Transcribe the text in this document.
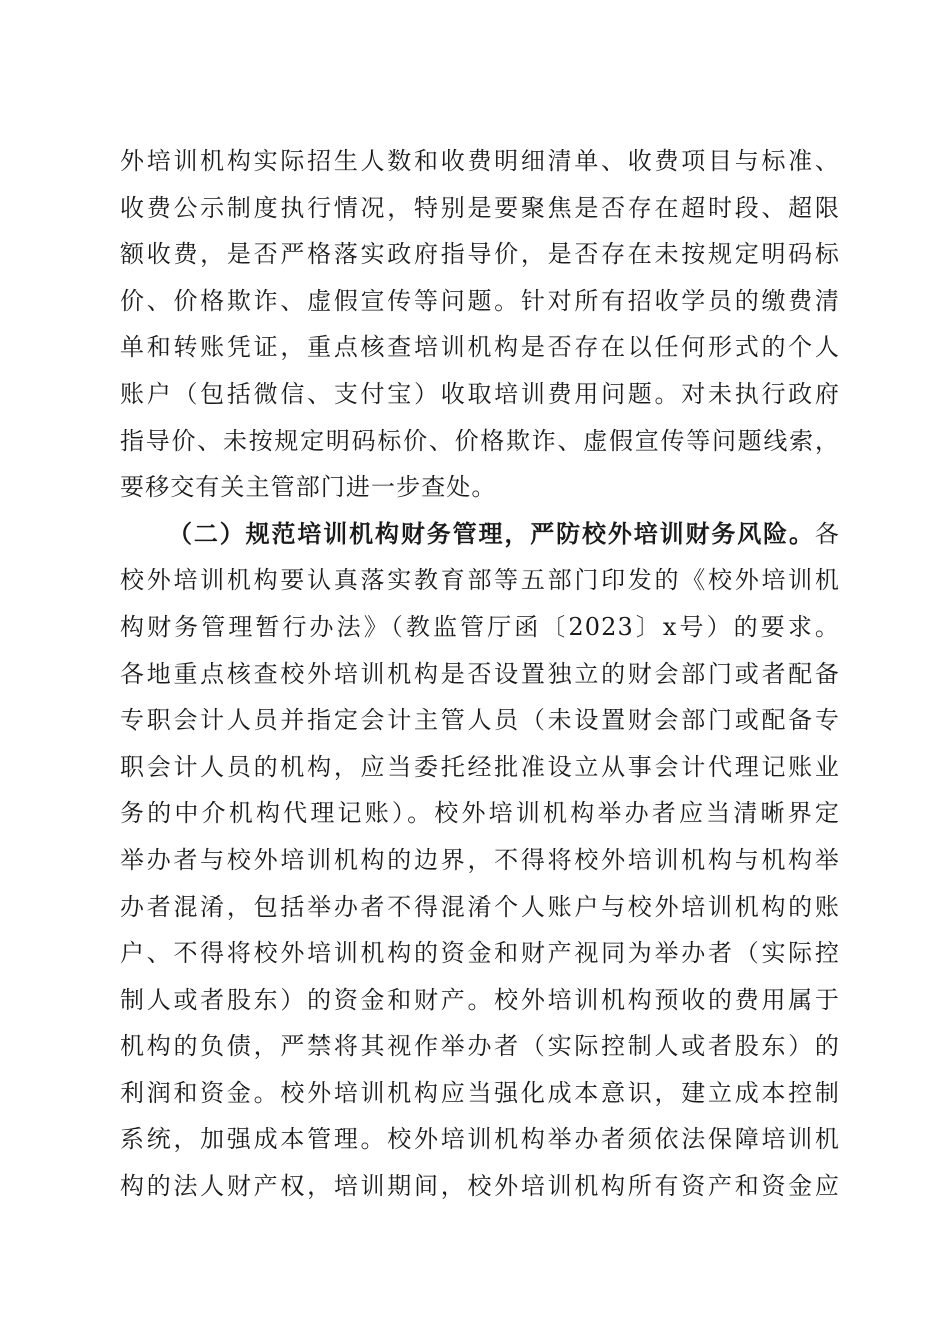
外培训机构实际招生人数和收费明细清单、收费项目与标准、
收费公示制度执行情况，特别是要聚焦是否存在超时段、超限
额收费，是否严格落实政府指导价，是否存在未按规定明码标
价、价格欺诈、虚假宣传等问题。针对所有招收学员的缴费清
单和转账凭证，重点核查培训机构是否存在以任何形式的个人
账户（包括微信、支付宝）收取培训费用问题。对未执行政府
指导价、未按规定明码标价、价格欺诈、虚假宣传等问题线索，
要移交有关主管部门进一步查处。
（二）规范培训机构财务管理，严防校外培训财务风险。各
校外培训机构要认真落实教育部等五部门印发的《校外培训机
构财务管理暂行办法》（教监管厅函〔2023〕x号）的要求。
各地重点核查校外培训机构是否设置独立的财会部门或者配备
专职会计人员并指定会计主管人员（未设置财会部门或配备专
职会计人员的机构，应当委托经批准设立从事会计代理记账业
务的中介机构代理记账）。校外培训机构举办者应当清晰界定
举办者与校外培训机构的边界，不得将校外培训机构与机构举
办者混淆，包括举办者不得混淆个人账户与校外培训机构的账
户、不得将校外培训机构的资金和财产视同为举办者（实际控
制人或者股东）的资金和财产。校外培训机构预收的费用属于
机构的负债，严禁将其视作举办者（实际控制人或者股东）的
利润和资金。校外培训机构应当强化成本意识，建立成本控制
系统，加强成本管理。校外培训机构举办者须依法保障培训机
构的法人财产权，培训期间，校外培训机构所有资产和资金应
